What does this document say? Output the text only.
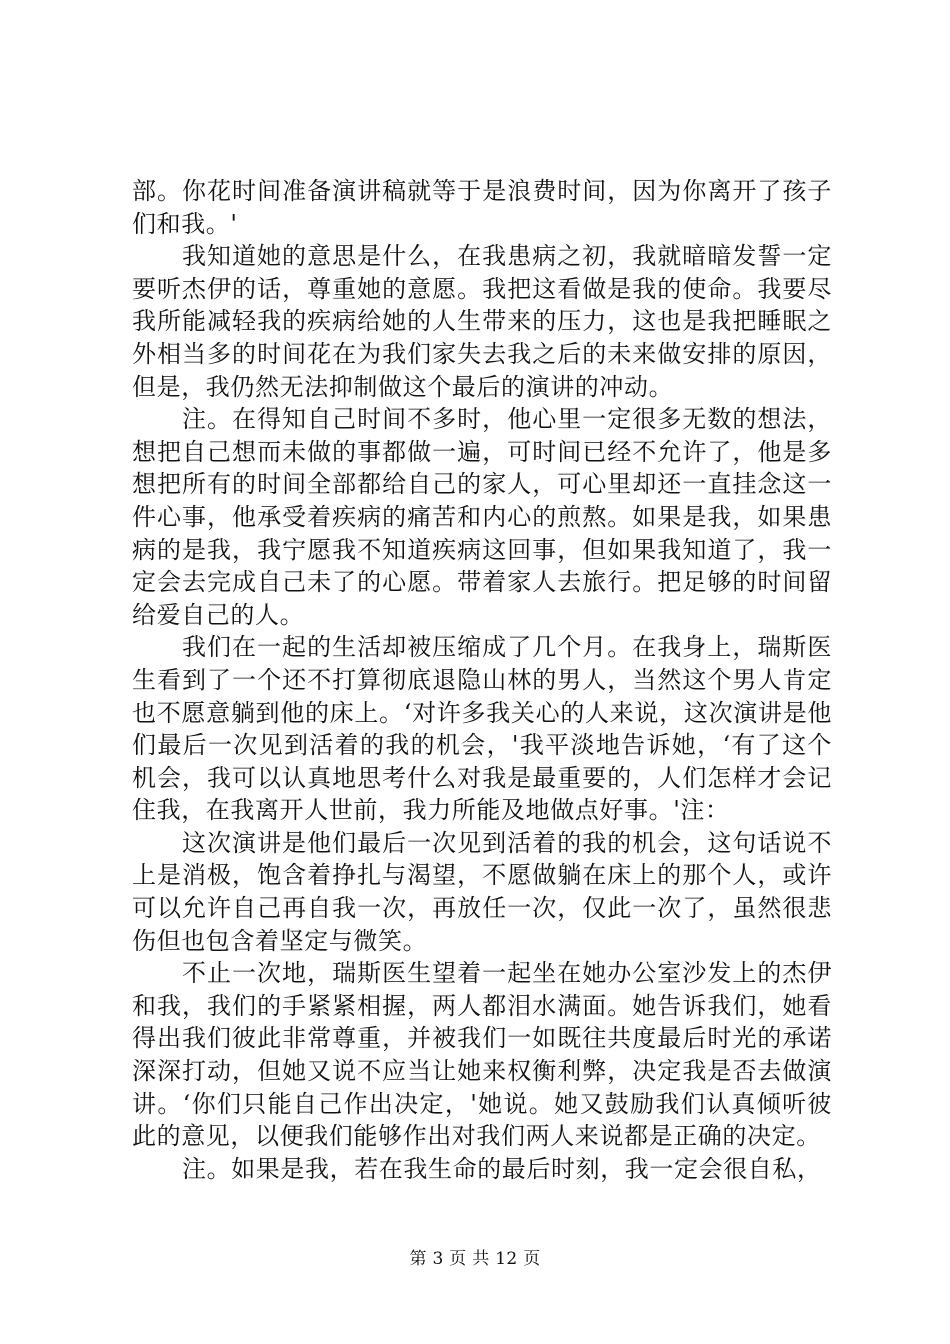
部。你花时间准备演讲稿就等于是浪费时间，因为你离开了孩子们和我。'

我知道她的意思是什么，在我患病之初，我就暗暗发誓一定要听杰伊的话，尊重她的意愿。我把这看做是我的使命。我要尽我所能减轻我的疾病给她的人生带来的压力，这也是我把睡眠之外相当多的时间花在为我们家失去我之后的未来做安排的原因，但是，我仍然无法抑制做这个最后的演讲的冲动。

注。在得知自己时间不多时，他心里一定很多无数的想法，想把自己想而未做的事都做一遍，可时间已经不允许了，他是多想把所有的时间全部都给自己的家人，可心里却还一直挂念这一件心事，他承受着疾病的痛苦和内心的煎熬。如果是我，如果患病的是我，我宁愿我不知道疾病这回事，但如果我知道了，我一定会去完成自己未了的心愿。带着家人去旅行。把足够的时间留给爱自己的人。

我们在一起的生活却被压缩成了几个月。在我身上，瑞斯医生看到了一个还不打算彻底退隐山林的男人，当然这个男人肯定也不愿意躺到他的床上。‘对许多我关心的人来说，这次演讲是他们最后一次见到活着的我的机会，'我平淡地告诉她，‘有了这个机会，我可以认真地思考什么对我是最重要的，人们怎样才会记住我，在我离开人世前，我力所能及地做点好事。'注：

这次演讲是他们最后一次见到活着的我的机会，这句话说不上是消极，饱含着挣扎与渴望，不愿做躺在床上的那个人，或许可以允许自己再自我一次，再放任一次，仅此一次了，虽然很悲伤但也包含着坚定与微笑。

不止一次地，瑞斯医生望着一起坐在她办公室沙发上的杰伊和我，我们的手紧紧相握，两人都泪水满面。她告诉我们，她看得出我们彼此非常尊重，并被我们一如既往共度最后时光的承诺深深打动，但她又说不应当让她来权衡利弊，决定我是否去做演讲。‘你们只能自己作出决定，'她说。她又鼓励我们认真倾听彼此的意见，以便我们能够作出对我们两人来说都是正确的决定。

注。如果是我，若在我生命的最后时刻，我一定会很自私，

第 3 页 共 12 页
